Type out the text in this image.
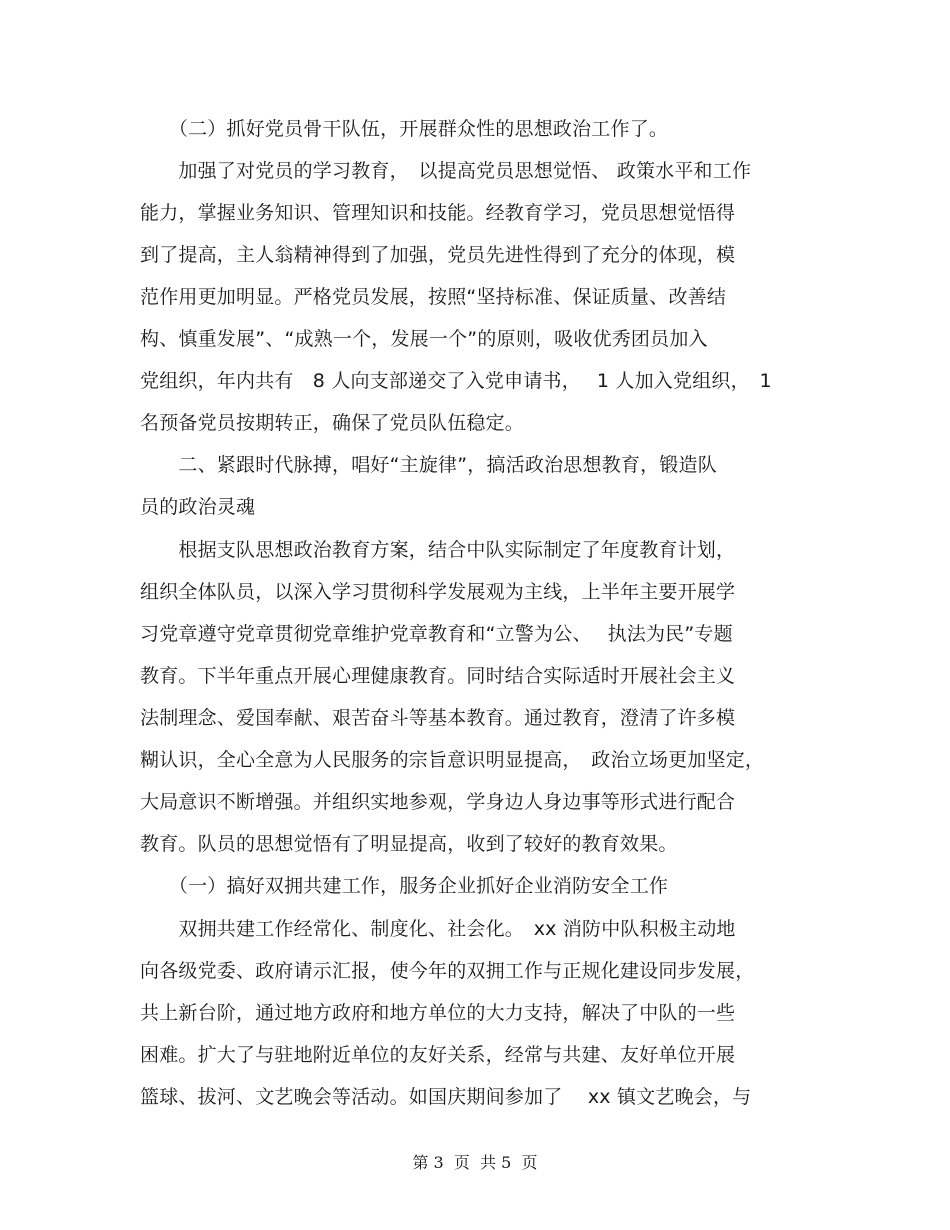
　　（二）抓好党员骨干队伍，开展群众性的思想政治工作了。
　　加强了对党员的学习教育，　以提高党员思想觉悟、 政策水平和工作
能力，掌握业务知识、管理知识和技能。经教育学习，党员思想觉悟得
到了提高，主人翁精神得到了加强，党员先进性得到了充分的体现，模
范作用更加明显。严格党员发展，按照“坚持标准、保证质量、改善结
构、慎重发展”、“成熟一个，发展一个”的原则，吸收优秀团员加入
党组织，年内共有　8 人向支部递交了入党申请书，　 1 人加入党组织，　1
名预备党员按期转正，确保了党员队伍稳定。
　　二、紧跟时代脉搏，唱好“主旋律”，搞活政治思想教育，锻造队
员的政治灵魂
　　根据支队思想政治教育方案，结合中队实际制定了年度教育计划，
组织全体队员，以深入学习贯彻科学发展观为主线，上半年主要开展学
习党章遵守党章贯彻党章维护党章教育和“立警为公、　 执法为民”专题
教育。下半年重点开展心理健康教育。同时结合实际适时开展社会主义
法制理念、爱国奉献、艰苦奋斗等基本教育。通过教育，澄清了许多模
糊认识，全心全意为人民服务的宗旨意识明显提高，　政治立场更加坚定，
大局意识不断增强。并组织实地参观，学身边人身边事等形式进行配合
教育。队员的思想觉悟有了明显提高，收到了较好的教育效果。
　　（一）搞好双拥共建工作，服务企业抓好企业消防安全工作
　　双拥共建工作经常化、制度化、社会化。　xx 消防中队积极主动地
向各级党委、政府请示汇报，使今年的双拥工作与正规化建设同步发展，
共上新台阶，通过地方政府和地方单位的大力支持，解决了中队的一些
困难。扩大了与驻地附近单位的友好关系，经常与共建、友好单位开展
篮球、拔河、文艺晚会等活动。如国庆期间参加了　 xx 镇文艺晚会，与
第 3  页  共 5  页
